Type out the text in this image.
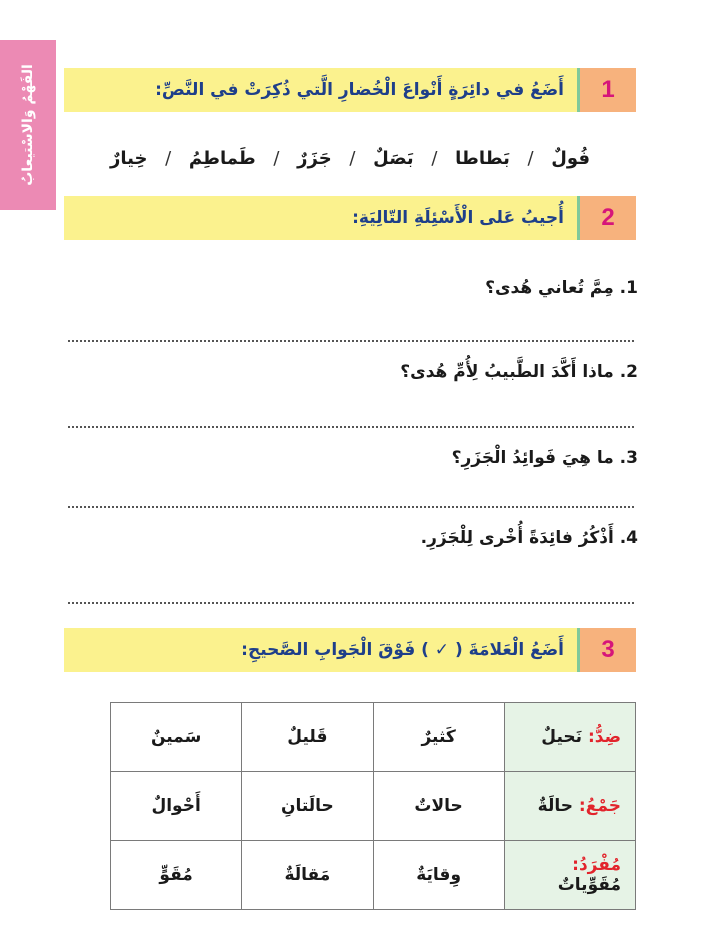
الفَهْمُ وَالاسْتيعابُ	1
أَضَعُ في دائِرَةٍ أَنْواعَ الْخُضارِ الَّتي ذُكِرَتْ في النَّصِّ:
خِيارٌ / طَماطِمُ / جَزَرٌ / بَصَلٌ / بَطاطا / فُولٌ
2
أُجيبُ عَلى الْأَسْئِلَةِ التّالِيَةِ:
1. مِمَّ تُعاني هُدى؟
2. ماذا أَكَّدَ الطَّبيبُ لِأُمِّ هُدى؟
3. ما هِيَ فَوائِدُ الْجَزَرِ؟
4. أَذْكُرُ فائِدَةً أُخْرى لِلْجَزَرِ.
3
أَضَعُ الْعَلامَةَ ( ✓ ) فَوْقَ الْجَوابِ الصَّحيحِ:
ضِدُّ: نَحيلٌ	كَثيرٌ	قَليلٌ	سَمينٌ
جَمْعُ: حالَةٌ	حالاتٌ	حالَتانِ	أَحْوالٌ
مُفْرَدُ: مُقَوِّياتٌ	وِقايَةٌ	مَقالَةٌ	مُقَوٍّ
